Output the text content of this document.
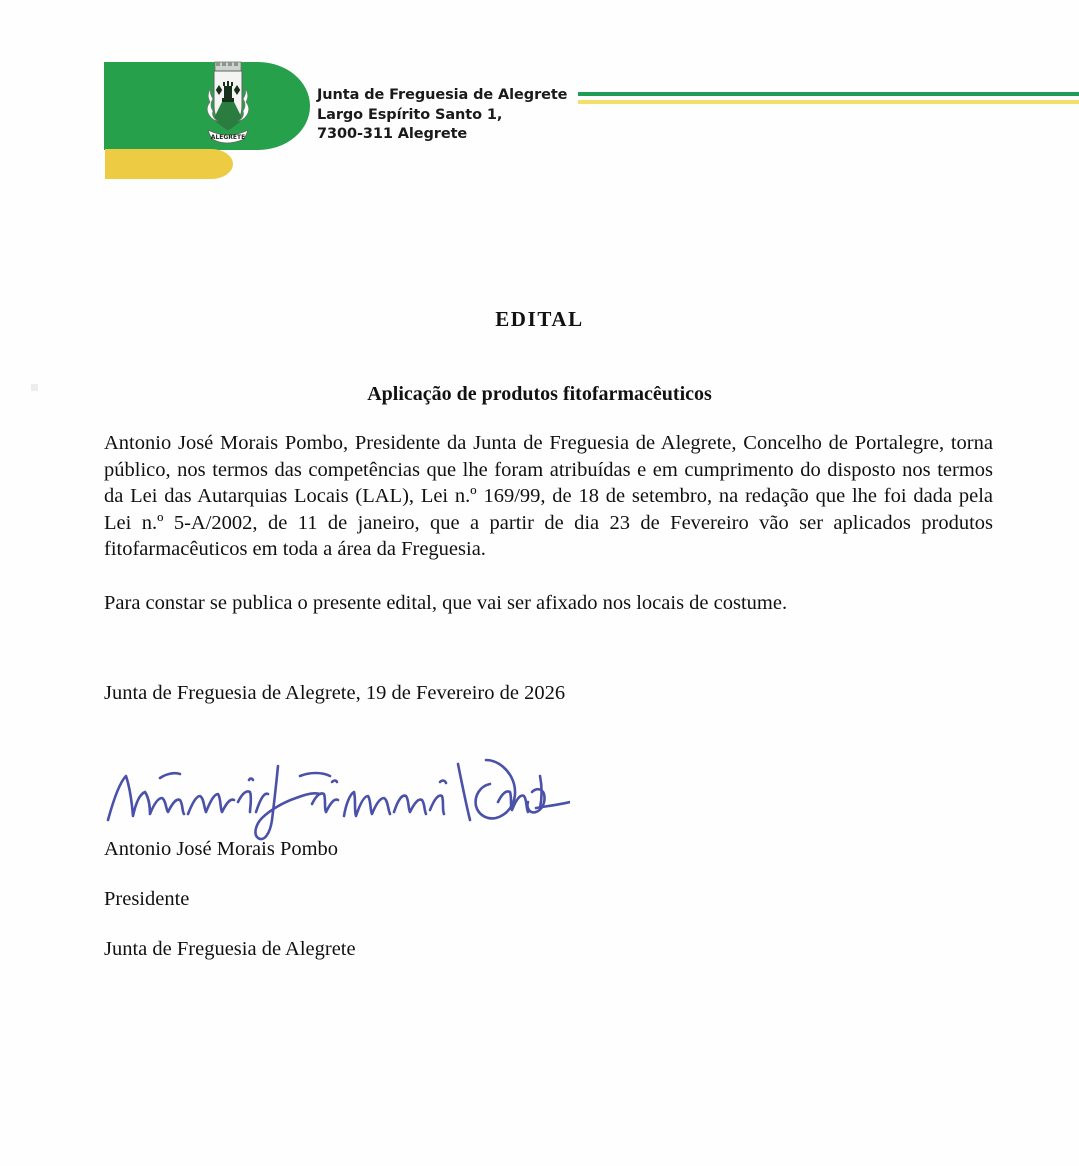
ALEGRETE
Junta de Freguesia de Alegrete
Largo Espírito Santo 1,
7300-311 Alegrete
EDITAL
Aplicação de produtos fitofarmacêuticos

Antonio José Morais Pombo, Presidente da Junta de Freguesia de Alegrete, Concelho de Portalegre, torna público, nos termos das competências que lhe foram atribuídas e em cumprimento do disposto nos termos da Lei das Autarquias Locais (LAL), Lei n.º 169/99, de 18 de setembro, na redação que lhe foi dada pela Lei n.º 5-A/2002, de 11 de janeiro, que a partir de dia 23 de Fevereiro vão ser aplicados produtos fitofarmacêuticos em toda a área da Freguesia.

Para constar se publica o presente edital, que vai ser afixado nos locais de costume.

Junta de Freguesia de Alegrete, 19 de Fevereiro de 2026
Antonio José Morais Pombo
Presidente
Junta de Freguesia de Alegrete
